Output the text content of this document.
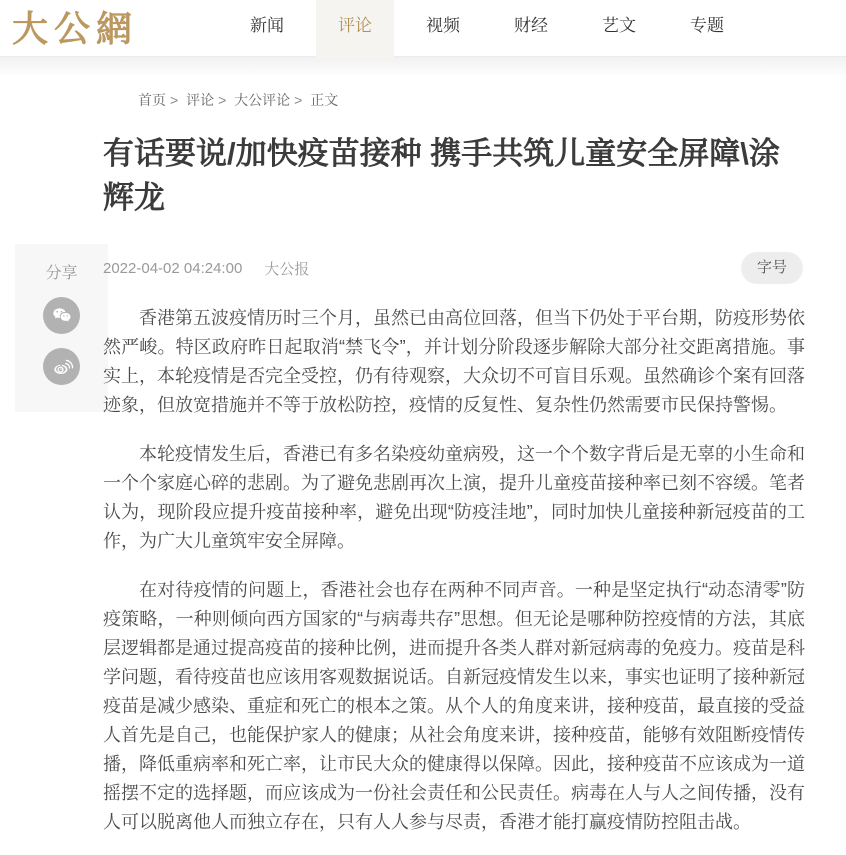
大公網	新闻	评论	视频	财经	艺文	专题
分享
首页 > 评论 > 大公评论 > 正文
有话要说/加快疫苗接种 携手共筑儿童安全屏障\涂辉龙
2022-04-02 04:24:00 大公报	字号

香港第五波疫情历时三个月，虽然已由高位回落，但当下仍处于平台期，防疫形势依然严峻。特区政府昨日起取消“禁飞令”，并计划分阶段逐步解除大部分社交距离措施。事实上，本轮疫情是否完全受控，仍有待观察，大众切不可盲目乐观。虽然确诊个案有回落迹象，但放宽措施并不等于放松防控，疫情的反复性、复杂性仍然需要市民保持警惕。

本轮疫情发生后，香港已有多名染疫幼童病殁，这一个个数字背后是无辜的小生命和一个个家庭心碎的悲剧。为了避免悲剧再次上演，提升儿童疫苗接种率已刻不容缓。笔者认为，现阶段应提升疫苗接种率，避免出现“防疫洼地”，同时加快儿童接种新冠疫苗的工作，为广大儿童筑牢安全屏障。

在对待疫情的问题上，香港社会也存在两种不同声音。一种是坚定执行“动态清零”防疫策略，一种则倾向西方国家的“与病毒共存”思想。但无论是哪种防控疫情的方法，其底层逻辑都是通过提高疫苗的接种比例，进而提升各类人群对新冠病毒的免疫力。疫苗是科学问题，看待疫苗也应该用客观数据说话。自新冠疫情发生以来，事实也证明了接种新冠疫苗是减少感染、重症和死亡的根本之策。从个人的角度来讲，接种疫苗，最直接的受益人首先是自己，也能保护家人的健康；从社会角度来讲，接种疫苗，能够有效阻断疫情传播，降低重病率和死亡率，让市民大众的健康得以保障。因此，接种疫苗不应该成为一道摇摆不定的选择题，而应该成为一份社会责任和公民责任。病毒在人与人之间传播，没有人可以脱离他人而独立存在，只有人人参与尽责，香港才能打赢疫情防控阻击战。
